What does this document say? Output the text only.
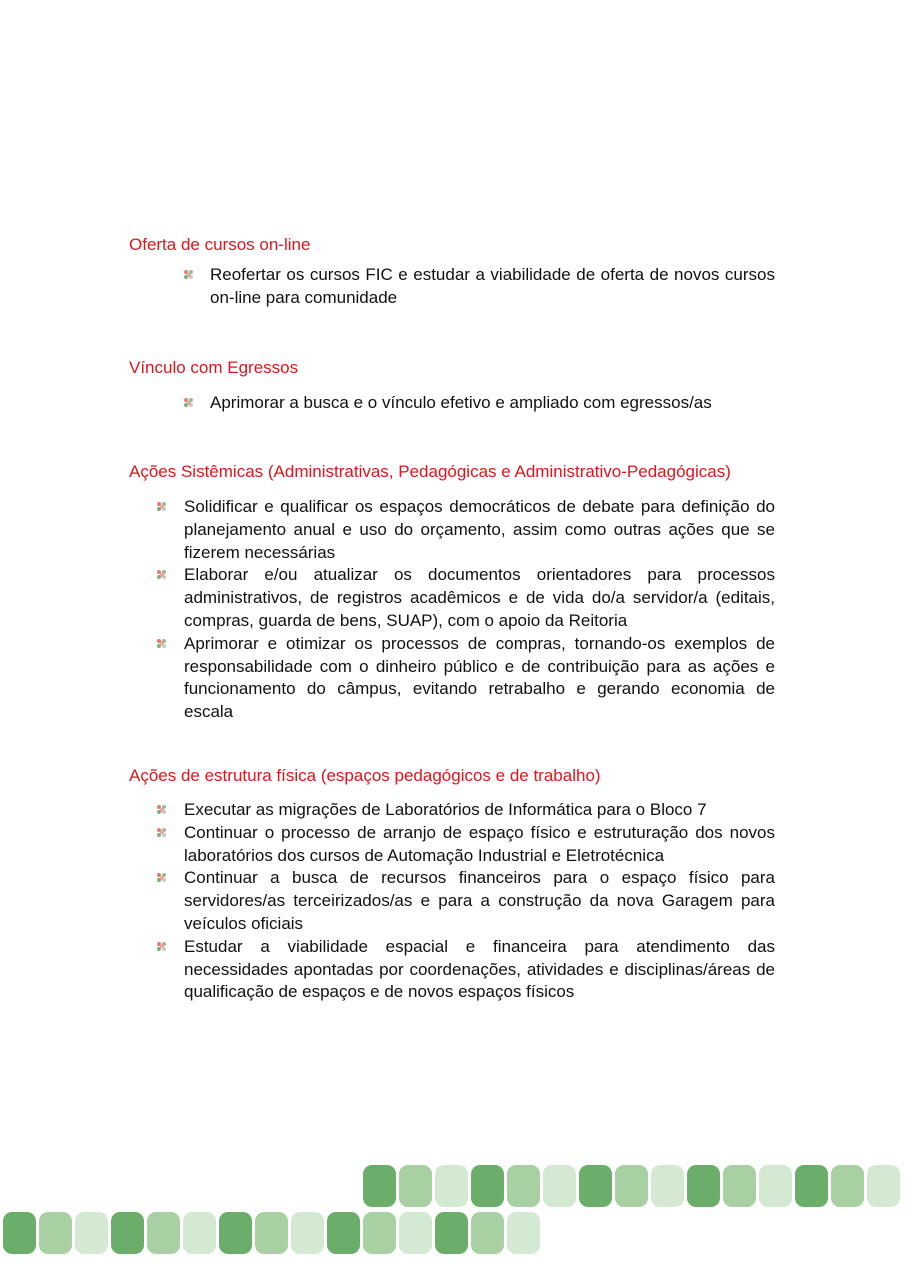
Oferta de cursos on-line
Reofertar os cursos FIC e estudar a viabilidade de oferta de novos cursos on-line para comunidade
Vínculo com Egressos
Aprimorar a busca e o vínculo efetivo e ampliado com egressos/as
Ações Sistêmicas (Administrativas, Pedagógicas e Administrativo-Pedagógicas)
Solidificar e qualificar os espaços democráticos de debate para definição do planejamento anual e uso do orçamento, assim como outras ações que se fizerem necessárias
Elaborar e/ou atualizar os documentos orientadores para processos administrativos, de registros acadêmicos e de vida do/a servidor/a (editais, compras, guarda de bens, SUAP), com o apoio da Reitoria
Aprimorar e otimizar os processos de compras, tornando-os exemplos de responsabilidade com o dinheiro público e de contribuição para as ações e funcionamento do câmpus, evitando retrabalho e gerando economia de escala
Ações de estrutura física (espaços pedagógicos e de trabalho)
Executar as migrações de Laboratórios de Informática para o Bloco 7
Continuar o processo de arranjo de espaço físico e estruturação dos novos laboratórios dos cursos de Automação Industrial e Eletrotécnica
Continuar a busca de recursos financeiros para o espaço físico para servidores/as terceirizados/as e para a construção da nova Garagem para veículos oficiais
Estudar a viabilidade espacial e financeira para atendimento das necessidades apontadas por coordenações, atividades e disciplinas/áreas de qualificação de espaços e de novos espaços físicos
